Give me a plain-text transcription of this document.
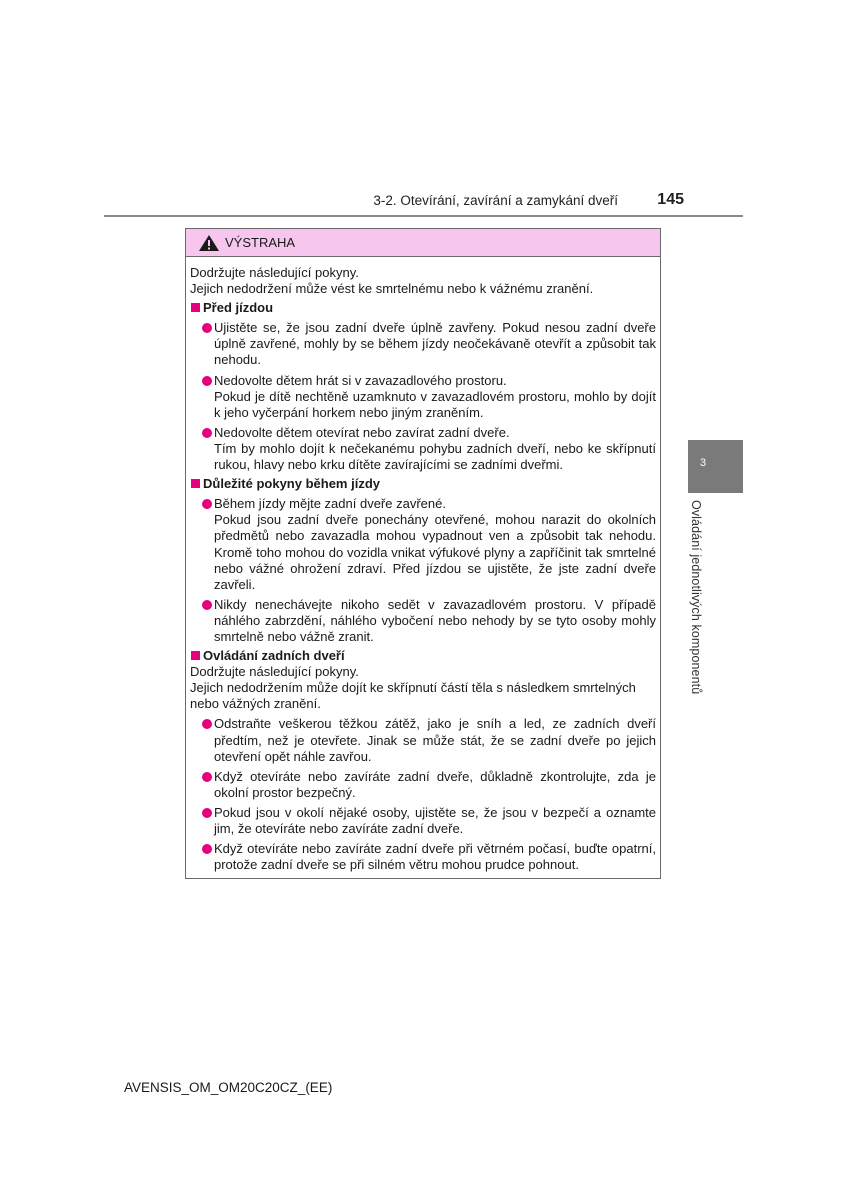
3-2. Otevírání, zavírání a zamykání dveří	145
3
Ovládání jednotlivých komponentů
VÝSTRAHA

Dodržujte následující pokyny.

Jejich nedodržení může vést ke smrtelnému nebo k vážnému zranění.

Před jízdou

Ujistěte se, že jsou zadní dveře úplně zavřeny. Pokud nesou zadní dveře úplně zavřené, mohly by se během jízdy neočekávaně otevřít a způsobit tak nehodu.

Nedovolte dětem hrát si v zavazadlového prostoru.

Pokud je dítě nechtěně uzamknuto v zavazadlovém prostoru, mohlo by dojít k jeho vyčerpání horkem nebo jiným zraněním.

Nedovolte dětem otevírat nebo zavírat zadní dveře.

Tím by mohlo dojít k nečekanému pohybu zadních dveří, nebo ke skřípnutí rukou, hlavy nebo krku dítěte zavírajícími se zadními dveřmi.

Důležité pokyny během jízdy

Během jízdy mějte zadní dveře zavřené.

Pokud jsou zadní dveře ponechány otevřené, mohou narazit do okolních předmětů nebo zavazadla mohou vypadnout ven a způsobit tak nehodu. Kromě toho mohou do vozidla vnikat výfukové plyny a zapříčinit tak smrtelné nebo vážné ohrožení zdraví. Před jízdou se ujistěte, že jste zadní dveře zavřeli.

Nikdy nenechávejte nikoho sedět v zavazadlovém prostoru. V případě náhlého zabrzdění, náhlého vybočení nebo nehody by se tyto osoby mohly smrtelně nebo vážně zranit.

Ovládání zadních dveří

Dodržujte následující pokyny.

Jejich nedodržením může dojít ke skřípnutí částí těla s následkem smrtelných nebo vážných zranění.

Odstraňte veškerou těžkou zátěž, jako je sníh a led, ze zadních dveří předtím, než je otevřete. Jinak se může stát, že se zadní dveře po jejich otevření opět náhle zavřou.

Když otevíráte nebo zavíráte zadní dveře, důkladně zkontrolujte, zda je okolní prostor bezpečný.

Pokud jsou v okolí nějaké osoby, ujistěte se, že jsou v bezpečí a oznamte jim, že otevíráte nebo zavíráte zadní dveře.

Když otevíráte nebo zavíráte zadní dveře při větrném počasí, buďte opatrní, protože zadní dveře se při silném větru mohou prudce pohnout.

AVENSIS_OM_OM20C20CZ_(EE)
